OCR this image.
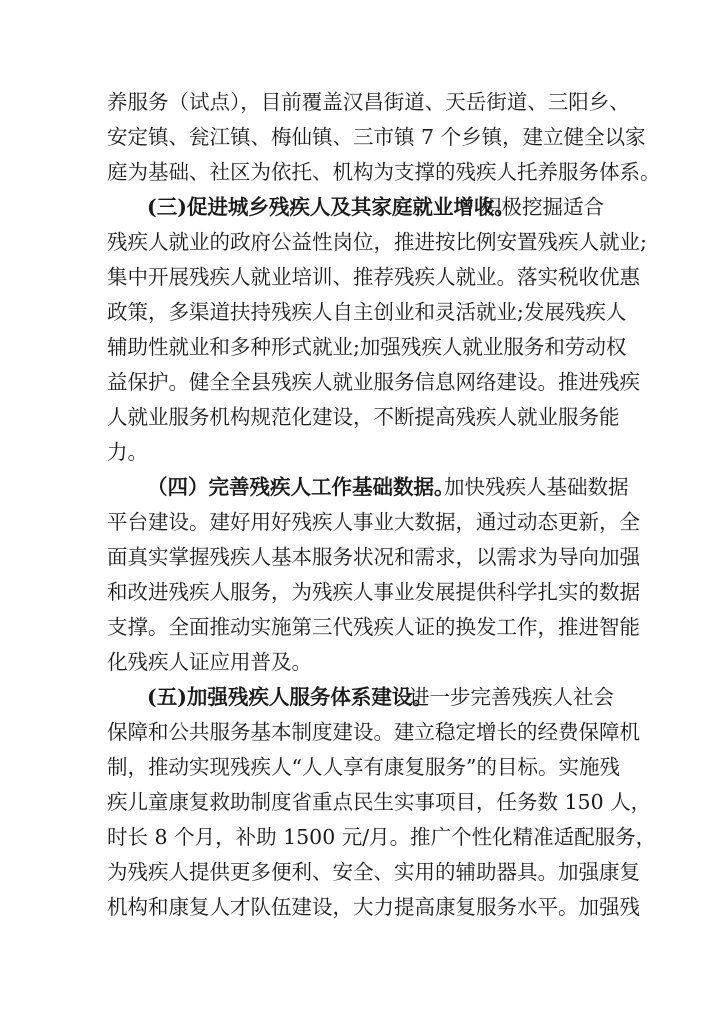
养服务（试点），目前覆盖汉昌街道、天岳街道、三阳乡、
安定镇、瓮江镇、梅仙镇、三市镇 7 个乡镇，建立健全以家
庭为基础、社区为依托、机构为支撑的残疾人托养服务体系。
(三)促进城乡残疾人及其家庭就业增收。
积极挖掘适合
残疾人就业的政府公益性岗位，推进按比例安置残疾人就业;
集中开展残疾人就业培训、推荐残疾人就业。落实税收优惠
政策，多渠道扶持残疾人自主创业和灵活就业;发展残疾人
辅助性就业和多种形式就业;加强残疾人就业服务和劳动权
益保护。健全全县残疾人就业服务信息网络建设。推进残疾
人就业服务机构规范化建设，不断提高残疾人就业服务能
力。
（四）完善残疾人工作基础数据。
加快残疾人基础数据
平台建设。建好用好残疾人事业大数据，通过动态更新，全
面真实掌握残疾人基本服务状况和需求，以需求为导向加强
和改进残疾人服务，为残疾人事业发展提供科学扎实的数据
支撑。全面推动实施第三代残疾人证的换发工作，推进智能
化残疾人证应用普及。
(五)加强残疾人服务体系建设。
进一步完善残疾人社会
保障和公共服务基本制度建设。建立稳定增长的经费保障机
制，推动实现残疾人“人人享有康复服务”的目标。实施残
疾儿童康复救助制度省重点民生实事项目，任务数 150 人，
时长 8 个月，补助 1500 元/月。推广个性化精准适配服务，
为残疾人提供更多便利、安全、实用的辅助器具。加强康复
机构和康复人才队伍建设，大力提高康复服务水平。加强残
